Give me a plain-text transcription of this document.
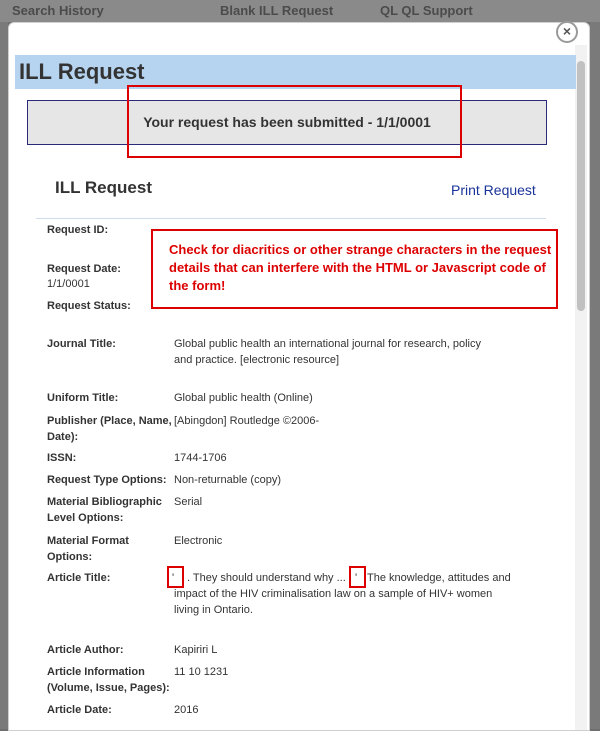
Search History	Blank ILL Request	QL QL Support
ILL Request
Your request has been submitted - 1/1/0001
ILL Request	Print Request
Request ID:
Request Date:
1/1/0001
Request Status:
Check for diacritics or other strange characters in the request details that can interfere with the HTML or Javascript code of the form!
Journal Title:	Global public health an international journal for research, policy
and practice. [electronic resource]
Uniform Title:	Global public health (Online)
Publisher (Place, Name,
Date):
[Abingdon] Routledge ©2006-
ISSN:	1744-1706
Request Type Options: Non-returnable (copy)
Material Bibliographic
Level Options:
Serial
Material Format
Options:
Electronic
Article Title:	' . They should understand why ... ' The knowledge, attitudes and
impact of the HIV criminalisation law on a sample of HIV+ women
living in Ontario.
Article Author:	Kapiriri L
Article Information
(Volume, Issue, Pages):
11 10 1231
Article Date:	2016
×
